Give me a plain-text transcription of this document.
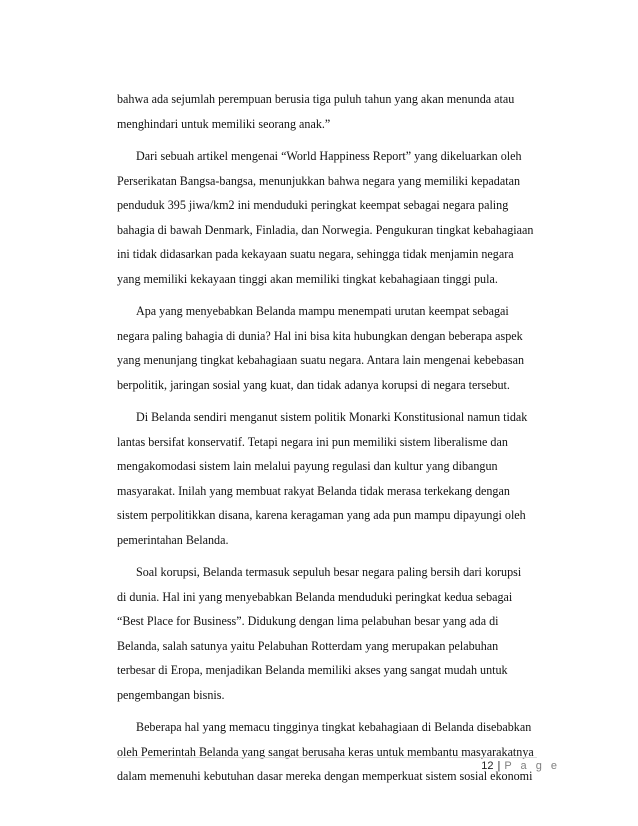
bahwa ada sejumlah perempuan berusia tiga puluh tahun yang akan menunda atau
menghindari untuk memiliki seorang anak.”

Dari sebuah artikel mengenai “World Happiness Report” yang dikeluarkan oleh
Perserikatan Bangsa-bangsa, menunjukkan bahwa negara yang memiliki kepadatan
penduduk 395 jiwa/km2 ini menduduki peringkat keempat sebagai negara paling
bahagia di bawah Denmark, Finladia, dan Norwegia. Pengukuran tingkat kebahagiaan
ini tidak didasarkan pada kekayaan suatu negara, sehingga tidak menjamin negara
yang memiliki kekayaan tinggi akan memiliki tingkat kebahagiaan tinggi pula.

Apa yang menyebabkan Belanda mampu menempati urutan keempat sebagai
negara paling bahagia di dunia? Hal ini bisa kita hubungkan dengan beberapa aspek
yang menunjang tingkat kebahagiaan suatu negara. Antara lain mengenai kebebasan
berpolitik, jaringan sosial yang kuat, dan tidak adanya korupsi di negara tersebut.

Di Belanda sendiri menganut sistem politik Monarki Konstitusional namun tidak
lantas bersifat konservatif. Tetapi negara ini pun memiliki sistem liberalisme dan
mengakomodasi sistem lain melalui payung regulasi dan kultur yang dibangun
masyarakat. Inilah yang membuat rakyat Belanda tidak merasa terkekang dengan
sistem perpolitikkan disana, karena keragaman yang ada pun mampu dipayungi oleh
pemerintahan Belanda.

Soal korupsi, Belanda termasuk sepuluh besar negara paling bersih dari korupsi
di dunia. Hal ini yang menyebabkan Belanda menduduki peringkat kedua sebagai
“Best Place for Business”. Didukung dengan lima pelabuhan besar yang ada di
Belanda, salah satunya yaitu Pelabuhan Rotterdam yang merupakan pelabuhan
terbesar di Eropa, menjadikan Belanda memiliki akses yang sangat mudah untuk
pengembangan bisnis.

Beberapa hal yang memacu tingginya tingkat kebahagiaan di Belanda disebabkan
oleh Pemerintah Belanda yang sangat berusaha keras untuk membantu masyarakatnya
dalam memenuhi kebutuhan dasar mereka dengan memperkuat sistem sosial ekonomi

12 | P a g e
